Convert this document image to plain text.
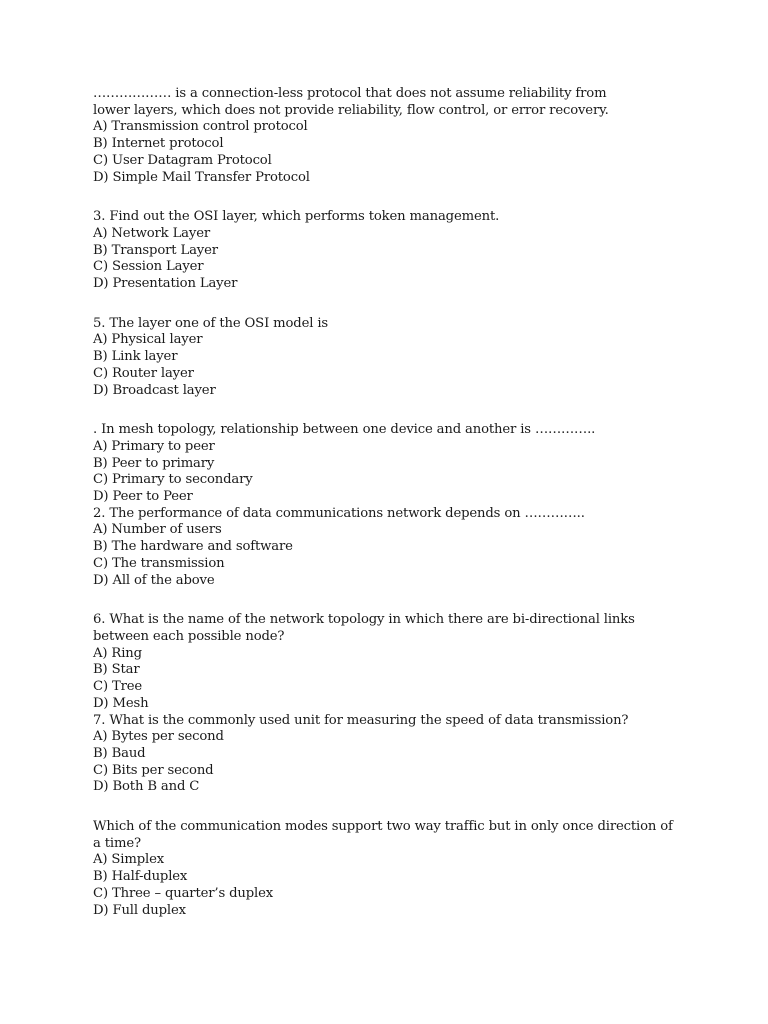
……………… is a connection-less protocol that does not assume reliability from lower layers, which does not provide reliability, flow control, or error recovery.
A) Transmission control protocol
B) Internet protocol
C) User Datagram Protocol
D) Simple Mail Transfer Protocol
3. Find out the OSI layer, which performs token management.
A) Network Layer
B) Transport Layer
C) Session Layer
D) Presentation Layer
5. The layer one of the OSI model is
A) Physical layer
B) Link layer
C) Router layer
D) Broadcast layer
. In mesh topology, relationship between one device and another is …………..
A) Primary to peer
B) Peer to primary
C) Primary to secondary
D) Peer to Peer
2. The performance of data communications network depends on …………..
A) Number of users
B) The hardware and software
C) The transmission
D) All of the above
6. What is the name of the network topology in which there are bi-directional links between each possible node?
A) Ring
B) Star
C) Tree
D) Mesh
7. What is the commonly used unit for measuring the speed of data transmission?
A) Bytes per second
B) Baud
C) Bits per second
D) Both B and C
Which of the communication modes support two way traffic but in only once direction of a time?
A) Simplex
B) Half-duplex
C) Three – quarter’s duplex
D) Full duplex
